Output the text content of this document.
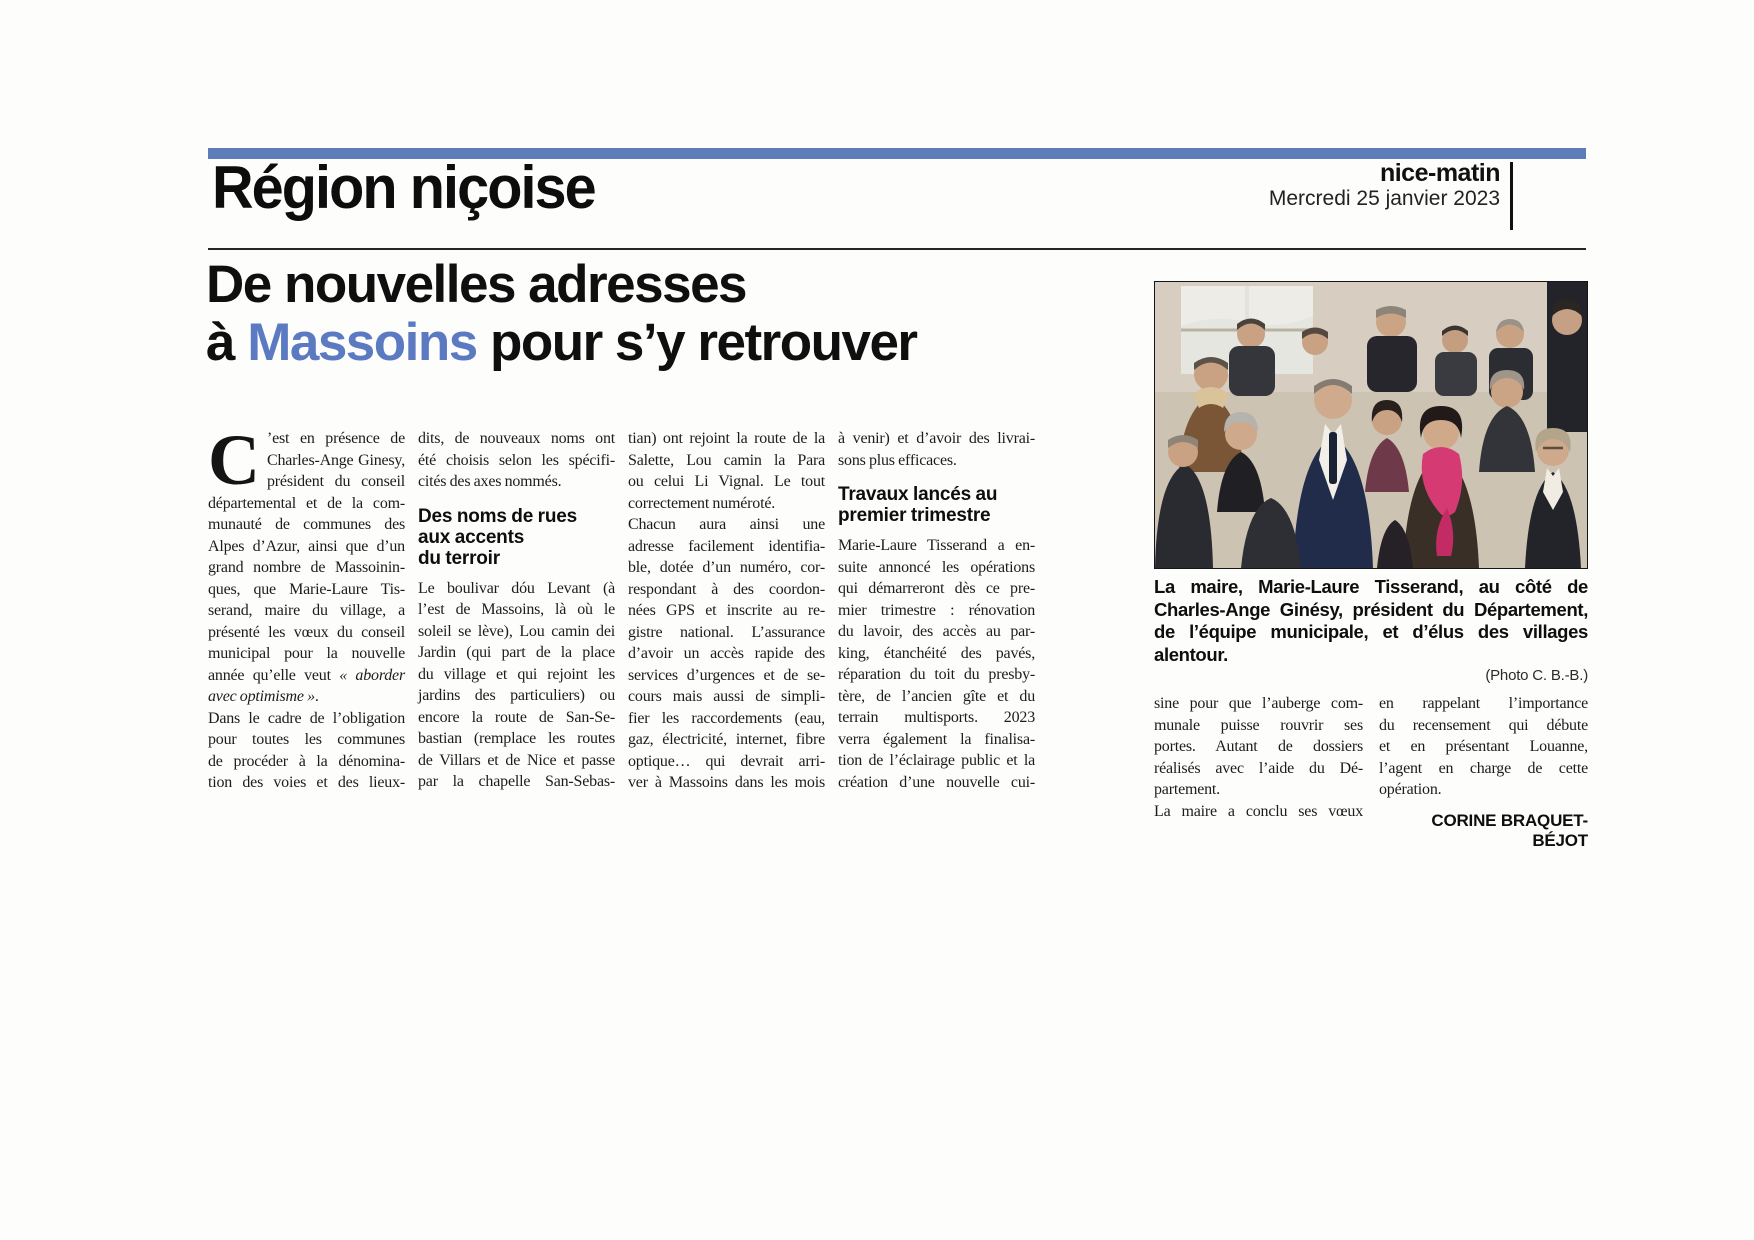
Région niçoise	nice-matin
Mercredi 25 janvier 2023
De nouvelles adresses
à Massoins pour s’y retrouver
C ’est en présence de
Charles-Ange Ginesy,
président du conseil
départemental et de la com-
munauté de communes des
Alpes d’Azur, ainsi que d’un
grand nombre de Massoinin-
ques, que Marie-Laure Tis-
serand, maire du village, a
présenté les vœux du conseil
municipal pour la nouvelle
année qu’elle veut « aborder
avec optimisme ».
Dans le cadre de l’obligation
pour toutes les communes
de procéder à la dénomina-
tion des voies et des lieux-
dits, de nouveaux noms ont
été choisis selon les spécifi-
cités des axes nommés.
Des noms de rues
aux accents
du terroir
Le boulivar dóu Levant (à
l’est de Massoins, là où le
soleil se lève), Lou camin dei
Jardin (qui part de la place
du village et qui rejoint les
jardins des particuliers) ou
encore la route de San-Se-
bastian (remplace les routes
de Villars et de Nice et passe
par la chapelle San-Sebas-
tian) ont rejoint la route de la
Salette, Lou camin la Para
ou celui Li Vignal. Le tout
correctement numéroté.
Chacun aura ainsi une
adresse facilement identifia-
ble, dotée d’un numéro, cor-
respondant à des coordon-
nées GPS et inscrite au re-
gistre national. L’assurance
d’avoir un accès rapide des
services d’urgences et de se-
cours mais aussi de simpli-
fier les raccordements (eau,
gaz, électricité, internet, fibre
optique… qui devrait arri-
ver à Massoins dans les mois
à venir) et d’avoir des livrai-
sons plus efficaces.
Travaux lancés au
premier trimestre
Marie-Laure Tisserand a en-
suite annoncé les opérations
qui démarreront dès ce pre-
mier trimestre : rénovation
du lavoir, des accès au par-
king, étanchéité des pavés,
réparation du toit du presby-
tère, de l’ancien gîte et du
terrain multisports. 2023
verra également la finalisa-
tion de l’éclairage public et la
création d’une nouvelle cui-
La maire, Marie-Laure Tisserand, au côté de Charles-Ange Ginésy, président du Département, de l’équipe municipale, et d’élus des villages alentour.
(Photo C. B.-B.)
sine pour que l’auberge com-
munale puisse rouvrir ses
portes. Autant de dossiers
réalisés avec l’aide du Dé-
partement.
La maire a conclu ses vœux
en rappelant l’importance
du recensement qui débute
et en présentant Louanne,
l’agent en charge de cette
opération.
CORINE BRAQUET-BÉJOT
